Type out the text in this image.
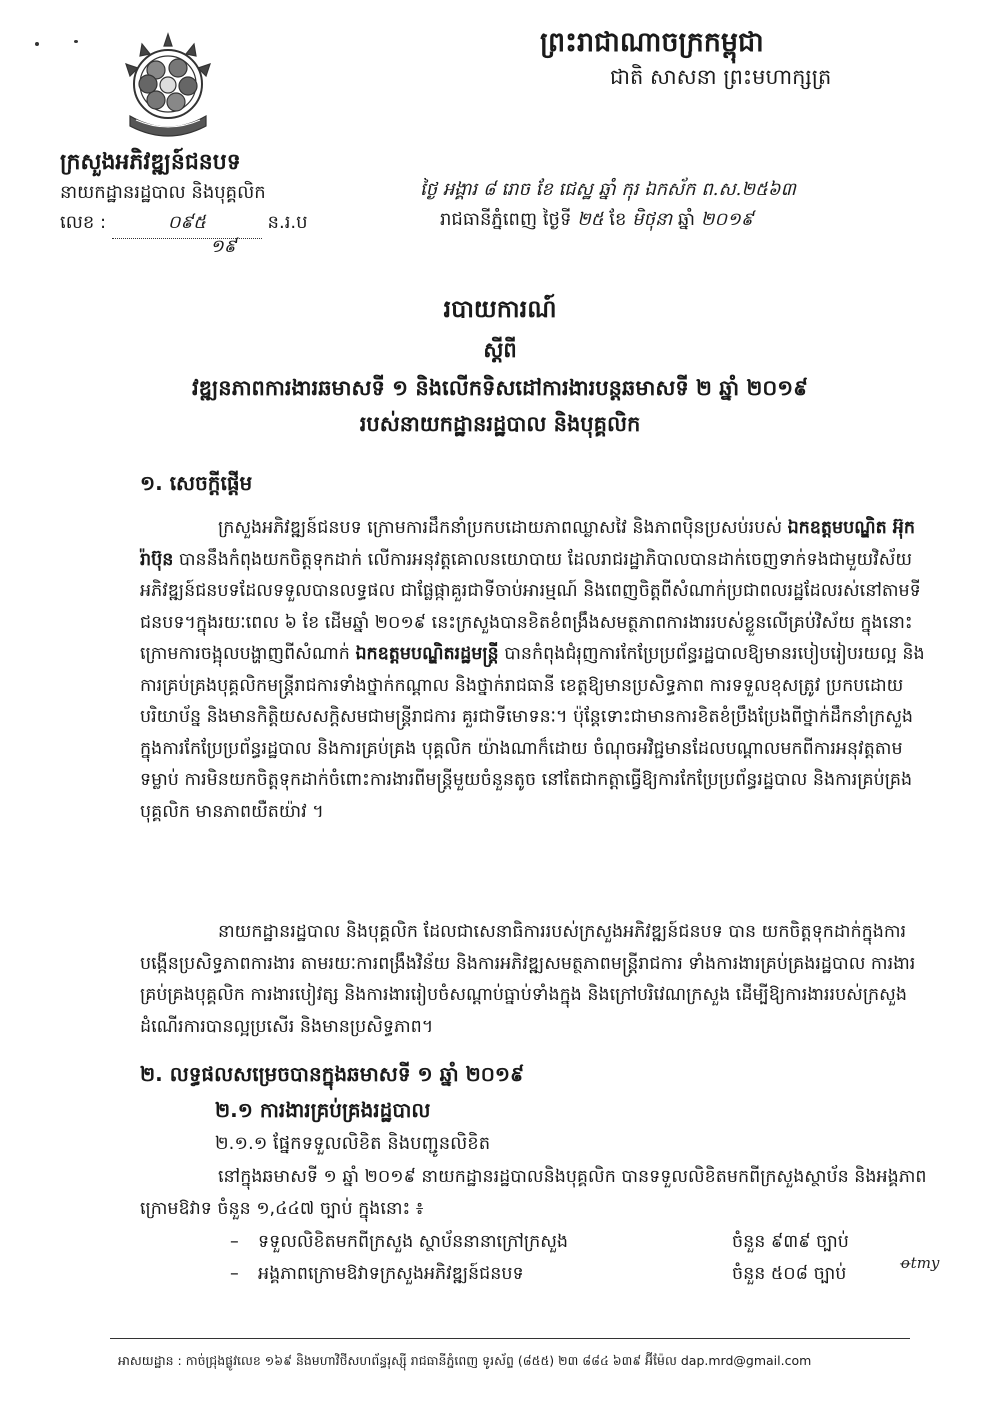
ព្រះរាជាណាចក្រកម្ពុជា
ជាតិ សាសនា ព្រះមហាក្សត្រ
ក្រសួងអភិវឌ្ឍន៍ជនបទ
នាយកដ្ឋានរដ្ឋបាល និងបុគ្គលិក
លេខ :	០៩៥	ន.រ.ប
១៩
ថ្ងៃ អង្គារ ៨ រោច ខែ ជេស្ឋ ឆ្នាំ កុរ ឯកស័ក ព.ស.២៥៦៣
រាជធានីភ្នំពេញ ថ្ងៃទី ២៥ ខែ មិថុនា ឆ្នាំ ២០១៩
របាយការណ៍
ស្ដីពី
វឌ្ឍនភាពការងារឆមាសទី ១ និងលើកទិសដៅការងារបន្តឆមាសទី ២ ឆ្នាំ ២០១៩
របស់នាយកដ្ឋានរដ្ឋបាល និងបុគ្គលិក
១. សេចក្ដីផ្ដើម
ក្រសួងអភិវឌ្ឍន៍ជនបទ ក្រោមការដឹកនាំប្រកបដោយភាពឈ្លាសវៃ និងភាពប៉ិនប្រសប់របស់ ឯកឧត្តមបណ្ឌិត អ៊ុក រ៉ាប៊ុន បាននឹងកំពុងយកចិត្តទុកដាក់ លើការអនុវត្តគោលនយោបាយ ដែលរាជរដ្ឋាភិបាលបានដាក់ចេញទាក់ទងជាមួយវិស័យអភិវឌ្ឍន៍ជនបទដែលទទួលបានលទ្ធផល ជាផ្លែផ្កាគួរជាទីចាប់អារម្មណ៍ និងពេញចិត្តពីសំណាក់ប្រជាពលរដ្ឋដែលរស់នៅតាមទីជនបទ។ក្នុងរយៈពេល ៦ ខែ ដើមឆ្នាំ ២០១៩ នេះក្រសួងបានខិតខំពង្រឹងសមត្ថភាពការងាររបស់ខ្លួនលើគ្រប់វិស័យ ក្នុងនោះក្រោមការចង្អុលបង្ហាញពីសំណាក់ ឯកឧត្តមបណ្ឌិតរដ្ឋមន្ត្រី បានកំពុងជំរុញការកែប្រែប្រព័ន្ធរដ្ឋបាលឱ្យមានរបៀបរៀបរយល្អ និងការគ្រប់គ្រងបុគ្គលិកមន្ត្រីរាជការទាំងថ្នាក់កណ្ដាល និងថ្នាក់រាជធានី ខេត្តឱ្យមានប្រសិទ្ធភាព ការទទួលខុសត្រូវ ប្រកបដោយបរិយាប័ន្ន និងមានកិត្តិយសសក្ដិសមជាមន្ត្រីរាជការ គួរជាទីមោទនៈ។ ប៉ុន្តែទោះជាមានការខិតខំប្រឹងប្រែងពីថ្នាក់ដឹកនាំក្រសួងក្នុងការកែប្រែប្រព័ន្ធរដ្ឋបាល និងការគ្រប់គ្រង បុគ្គលិក យ៉ាងណាក៏ដោយ ចំណុចអវិជ្ជមានដែលបណ្ដាលមកពីការអនុវត្តតាមទម្លាប់ ការមិនយកចិត្តទុកដាក់ចំពោះការងារពីមន្ត្រីមួយចំនួនតូច នៅតែជាកត្តាធ្វើឱ្យការកែប្រែប្រព័ន្ធរដ្ឋបាល និងការគ្រប់គ្រងបុគ្គលិក មានភាពយឺតយ៉ាវ ។
នាយកដ្ឋានរដ្ឋបាល និងបុគ្គលិក ដែលជាសេនាធិការរបស់ក្រសួងអភិវឌ្ឍន៍ជនបទ បាន យកចិត្តទុកដាក់ក្នុងការបង្កើនប្រសិទ្ធភាពការងារ តាមរយៈការពង្រឹងវិន័យ និងការអភិវឌ្ឍសមត្ថភាពមន្ត្រីរាជការ ទាំងការងារគ្រប់គ្រងរដ្ឋបាល ការងារគ្រប់គ្រងបុគ្គលិក ការងារបៀវត្ស និងការងាររៀបចំសណ្ដាប់ធ្នាប់ទាំងក្នុង និងក្រៅបរិវេណក្រសួង ដើម្បីឱ្យការងាររបស់ក្រសួងដំណើរការបានល្អប្រសើរ និងមានប្រសិទ្ធភាព។
២. លទ្ធផលសម្រេចបានក្នុងឆមាសទី ១ ឆ្នាំ ២០១៩
២.១ ការងារគ្រប់គ្រងរដ្ឋបាល
២.១.១ ផ្នែកទទួលលិខិត និងបញ្ជូនលិខិត
នៅក្នុងឆមាសទី ១ ឆ្នាំ ២០១៩ នាយកដ្ឋានរដ្ឋបាលនិងបុគ្គលិក បានទទួលលិខិតមកពីក្រសួងស្ថាប័ន និងអង្គភាពក្រោមឱវាទ ចំនួន ១,៤៤៧ ច្បាប់ ក្នុងនោះ ៖
– ទទួលលិខិតមកពីក្រសួង ស្ថាប័ននានាក្រៅក្រសួង	ចំនួន ៩៣៩ ច្បាប់
– អង្គភាពក្រោមឱវាទក្រសួងអភិវឌ្ឍន៍ជនបទ	ចំនួន ៥០៨ ច្បាប់
ꝋtmy
អាសយដ្ឋាន : កាច់ជ្រុងផ្លូវលេខ ១៦៩ និងមហាវិថីសហព័ន្ធរុស្ស៊ី រាជធានីភ្នំពេញ ទូរស័ព្ទ (៨៥៥) ២៣ ៨៨៤ ៦៣៩ អ៊ីម៉ែល dap.mrd@gmail.com
